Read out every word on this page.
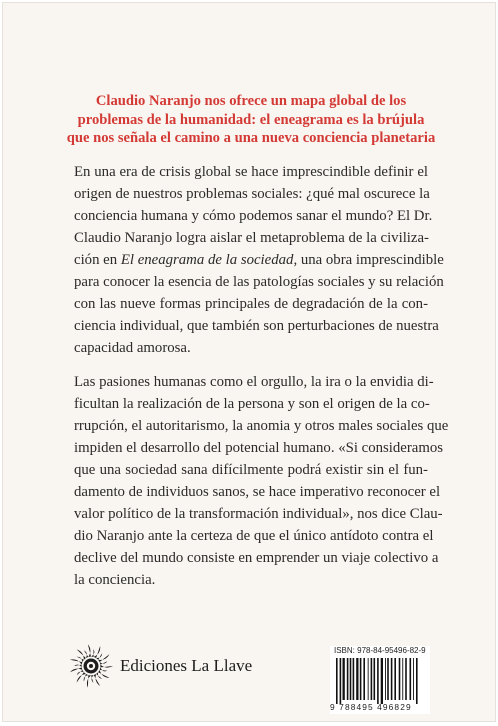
Claudio Naranjo nos ofrece un mapa global de los
problemas de la humanidad: el eneagrama es la brújula
que nos señala el camino a una nueva conciencia planetaria

En una era de crisis global se hace imprescindible definir el
origen de nuestros problemas sociales: ¿qué mal oscurece la
conciencia humana y cómo podemos sanar el mundo? El Dr.
Claudio Naranjo logra aislar el metaproblema de la civiliza-
ción en El eneagrama de la sociedad, una obra imprescindible
para conocer la esencia de las patologías sociales y su relación
con las nueve formas principales de degradación de la con-
ciencia individual, que también son perturbaciones de nuestra
capacidad amorosa.

Las pasiones humanas como el orgullo, la ira o la envidia di-
ficultan la realización de la persona y son el origen de la co-
rrupción, el autoritarismo, la anomia y otros males sociales que
impiden el desarrollo del potencial humano. «Si consideramos
que una sociedad sana difícilmente podrá existir sin el fun-
damento de individuos sanos, se hace imperativo reconocer el
valor político de la transformación individual», nos dice Clau-
dio Naranjo ante la certeza de que el único antídoto contra el
declive del mundo consiste en emprender un viaje colectivo a
la conciencia.

Ediciones La Llave
ISBN: 978-84-95496-82-9
9 788495 496829
